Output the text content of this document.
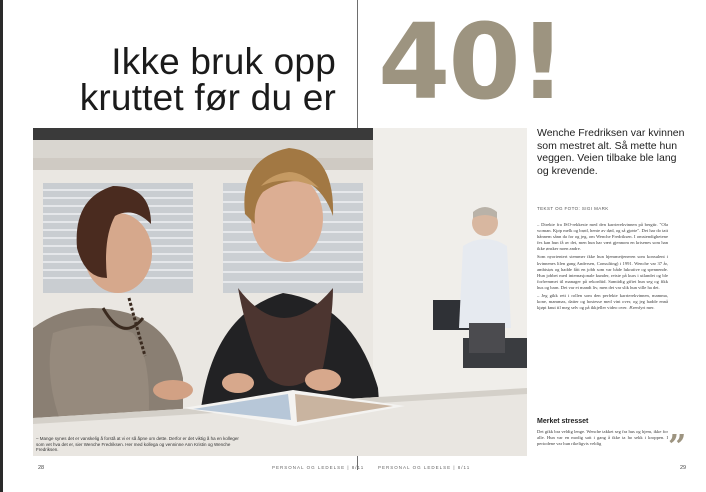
Ikke bruk opp
kruttet før du er 40!
– Mange synes det er vanskelig å forstå at vi er så åpne om dette. Derfor er det viktig å ha en kolleger som vet hva det er, sier Wenche Fredriksen. Her med kollega og venninne Ann Kristin og Wenche Fredriksen.
Wenche Fredriksen var kvinnen som mestret alt. Så mette hun veggen. Veien tilbake ble lang og krevende.
TEKST OG FOTO: SIGI MARK

– Direkte fra ISO-rekkeste med den karrierekvinnen på bergtir. "Ola woman. Kjøp melk og brød, hente av død, og så gjørte". Det har do tatt hånnem sånn da for og jeg, om Wenche Fredriksen. I omstendighetene fes kan hun få av det, men hun har vært gjennom en krisenes som han ikke ønsker noen andre.

Som nyorientert stemmer ikke hun hjemmetjeneren som konsulent i kvinnenes lilen gang Andersen, Consulting) i 1991. Wenche var 37 år, ambisiøs og hadde fått en jobb som var både lukrative og spennende. Hun jobbet med internasjonale kunder, reiste på kurs i utlandet og ble forfremmet til manager på rekordtid. Samtidig giftet hun seg og fikk hus og barn. Det var et mandt liv, men det var slik hun ville ha det.

– Jeg gikk rett i rollen som den perfekte karrierekvinnen, mamma, kone, mammas, datter og hostesse med vint over, og jeg hadde ennå kjøpt knut til meg selv og på ikkjeller video over. Ærenfyrt mer.

Merket stresset
Det gikk bra veldig lenge. Wenche takket seg fra hus og hjem, ikke for alle. Hun var en modig satt i gang å ikke ta ho sekk i kroppen. I periodene var hun rikeligvis veldig	”
28	PERSONAL OG LEDELSE | 8/11	PERSONAL OG LEDELSE | 8/11	29
